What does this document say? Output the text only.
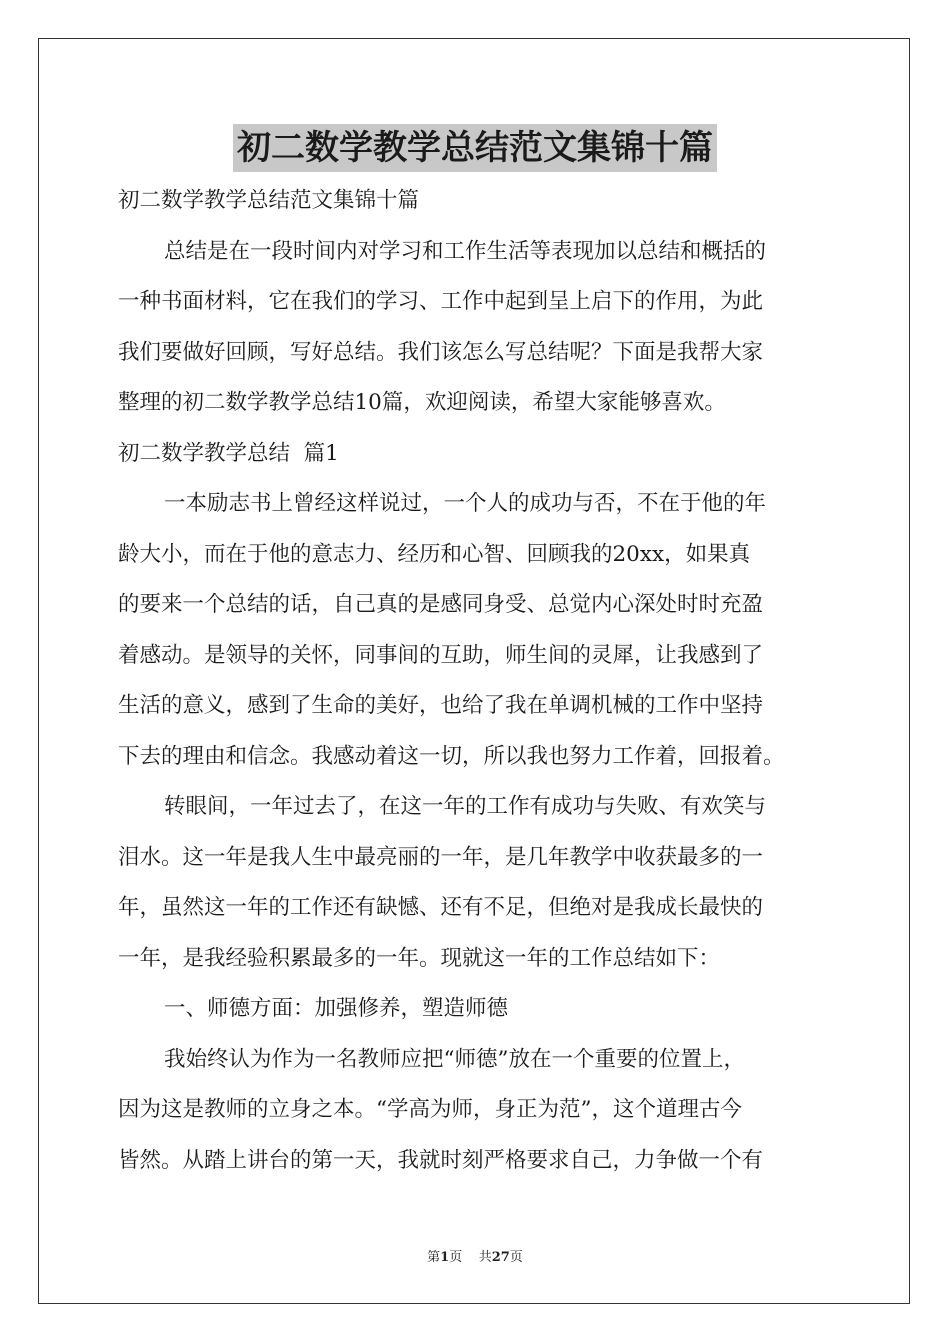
初二数学教学总结范文集锦十篇
初二数学教学总结范文集锦十篇
总结是在一段时间内对学习和工作生活等表现加以总结和概括的
一种书面材料，它在我们的学习、工作中起到呈上启下的作用，为此
我们要做好回顾，写好总结。我们该怎么写总结呢？下面是我帮大家
整理的初二数学教学总结10篇，欢迎阅读，希望大家能够喜欢。
初二数学教学总结  篇1
一本励志书上曾经这样说过，一个人的成功与否，不在于他的年
龄大小，而在于他的意志力、经历和心智、回顾我的20xx，如果真
的要来一个总结的话，自己真的是感同身受、总觉内心深处时时充盈
着感动。是领导的关怀，同事间的互助，师生间的灵犀，让我感到了
生活的意义，感到了生命的美好，也给了我在单调机械的工作中坚持
下去的理由和信念。我感动着这一切，所以我也努力工作着，回报着。
转眼间，一年过去了，在这一年的工作有成功与失败、有欢笑与
泪水。这一年是我人生中最亮丽的一年，是几年教学中收获最多的一
年，虽然这一年的工作还有缺憾、还有不足，但绝对是我成长最快的
一年，是我经验积累最多的一年。现就这一年的工作总结如下：
一、师德方面：加强修养，塑造师德
我始终认为作为一名教师应把“师德”放在一个重要的位置上，
因为这是教师的立身之本。“学高为师，身正为范”，这个道理古今
皆然。从踏上讲台的第一天，我就时刻严格要求自己，力争做一个有
第1页    共27页
